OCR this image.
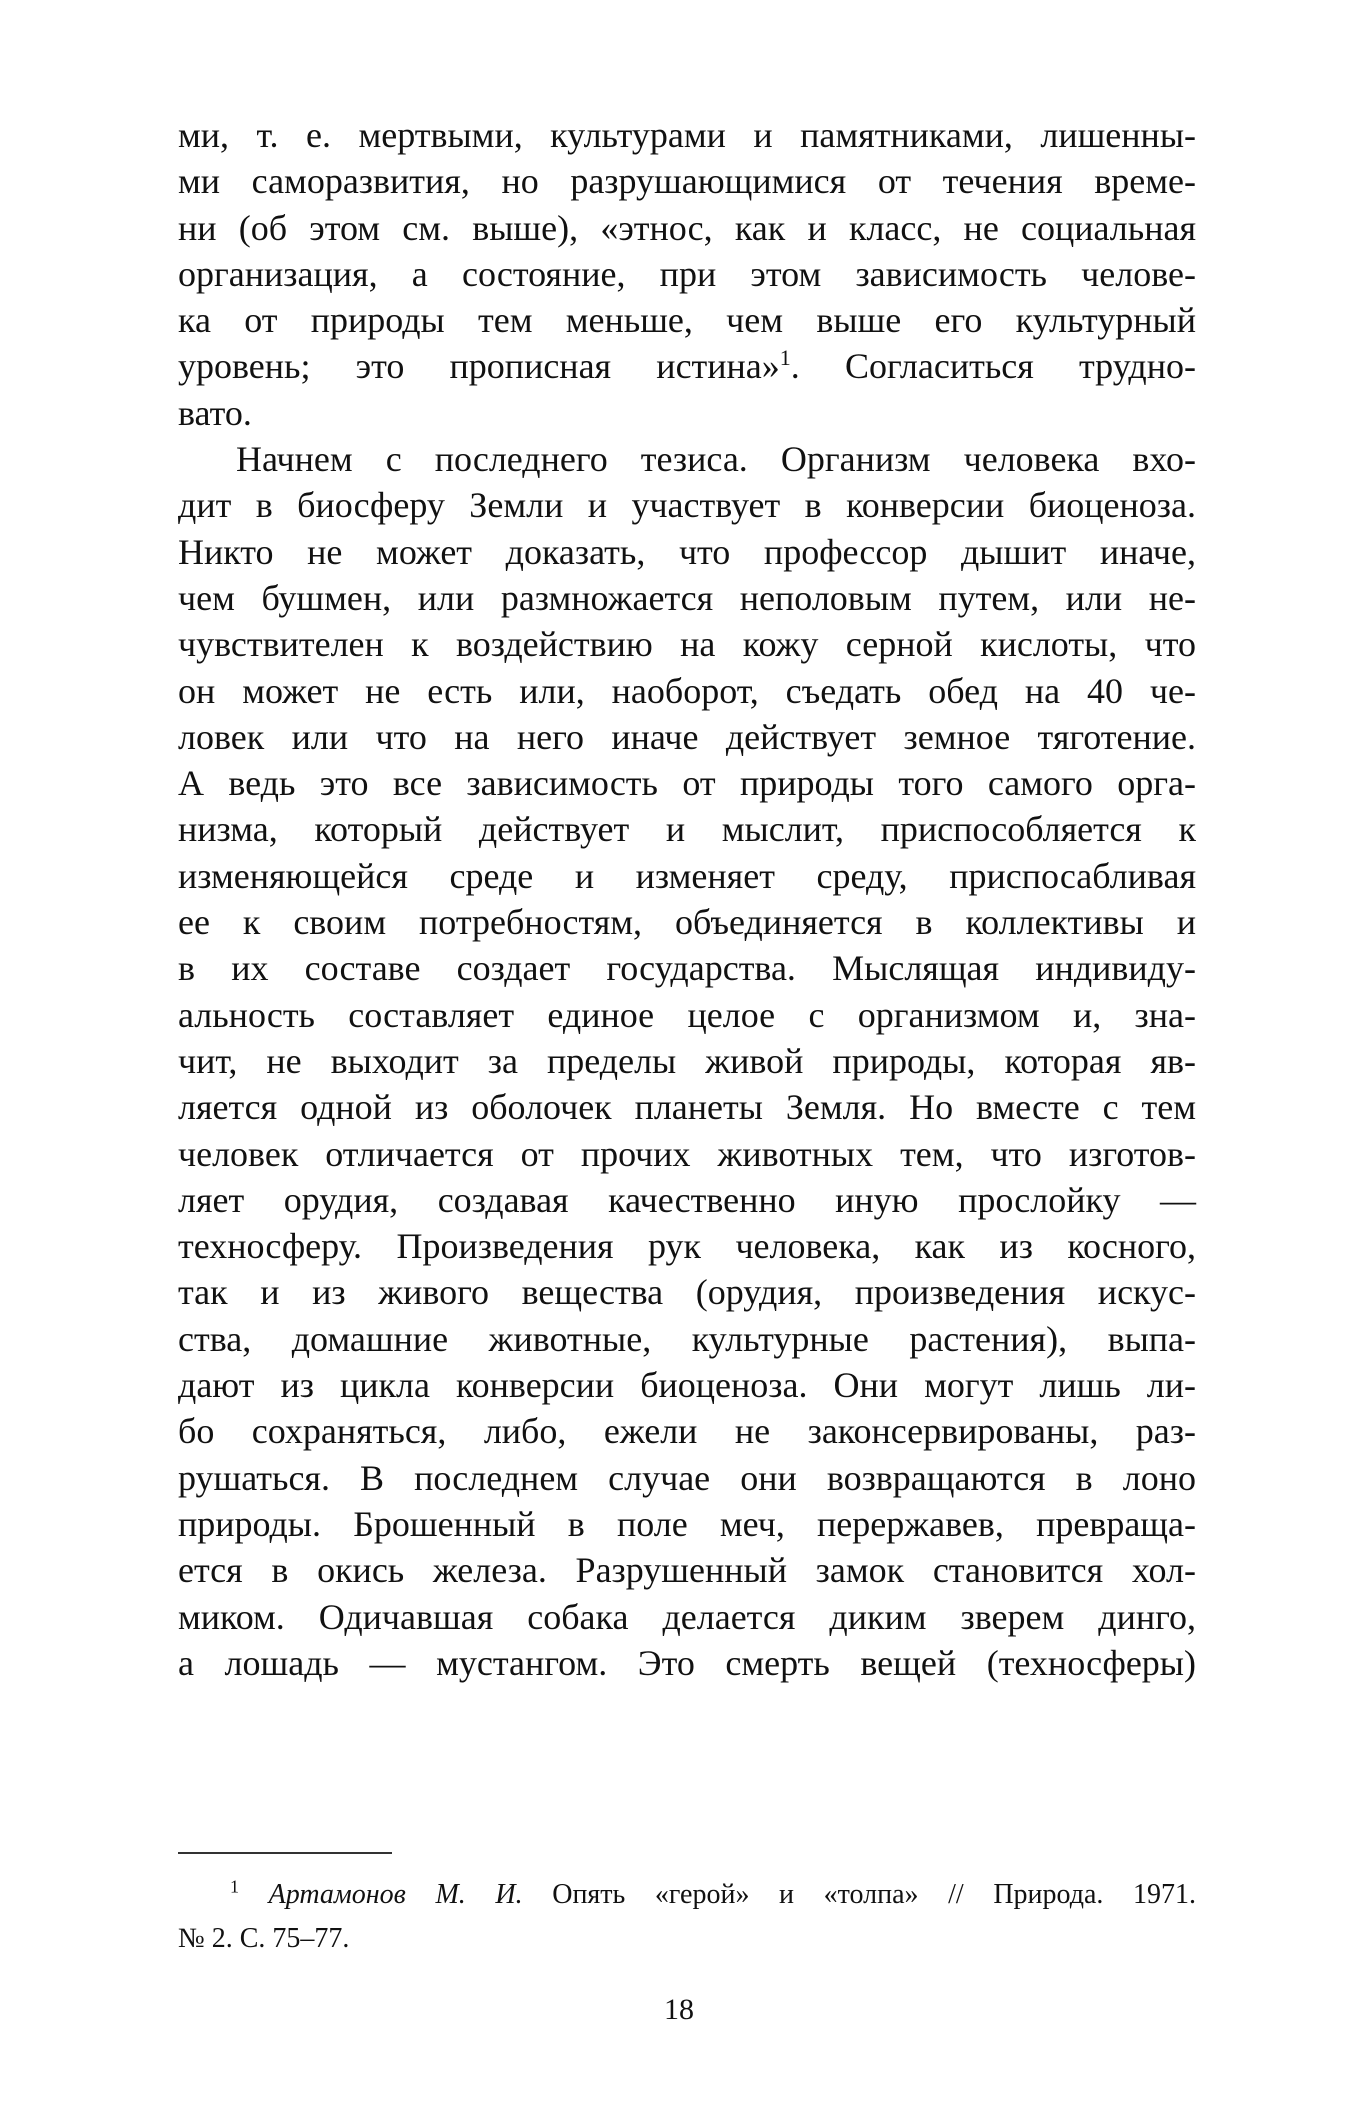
ми, т. е. мертвыми, культурами и памятниками, лишенны-
ми саморазвития, но разрушающимися от течения време-
ни (об этом см. выше), «этнос, как и класс, не социальная
организация, а состояние, при этом зависимость челове-
ка от природы тем меньше, чем выше его культурный
уровень; это прописная истина»$^1$. Согласиться трудно-
вато.
Начнем с последнего тезиса. Организм человека вхо-
дит в биосферу Земли и участвует в конверсии биоценоза.
Никто не может доказать, что профессор дышит иначе,
чем бушмен, или размножается неполовым путем, или не-
чувствителен к воздействию на кожу серной кислоты, что
он может не есть или, наоборот, съедать обед на 40 че-
ловек или что на него иначе действует земное тяготение.
А ведь это все зависимость от природы того самого орга-
низма, который действует и мыслит, приспособляется к
изменяющейся среде и изменяет среду, приспосабливая
ее к своим потребностям, объединяется в коллективы и
в их составе создает государства. Мыслящая индивиду-
альность составляет единое целое с организмом и, зна-
чит, не выходит за пределы живой природы, которая яв-
ляется одной из оболочек планеты Земля. Но вместе с тем
человек отличается от прочих животных тем, что изготов-
ляет орудия, создавая качественно иную прослойку —
техносферу. Произведения рук человека, как из косного,
так и из живого вещества (орудия, произведения искус-
ства, домашние животные, культурные растения), выпа-
дают из цикла конверсии биоценоза. Они могут лишь ли-
бо сохраняться, либо, ежели не законсервированы, раз-
рушаться. В последнем случае они возвращаются в лоно
природы. Брошенный в поле меч, перержавев, превраща-
ется в окись железа. Разрушенный замок становится хол-
миком. Одичавшая собака делается диким зверем динго,
а лошадь — мустангом. Это смерть вещей (техносферы)
$^1$ Артамонов М. И. Опять «герой» и «толпа» // Природа. 1971.
№ 2. С. 75–77.
18
